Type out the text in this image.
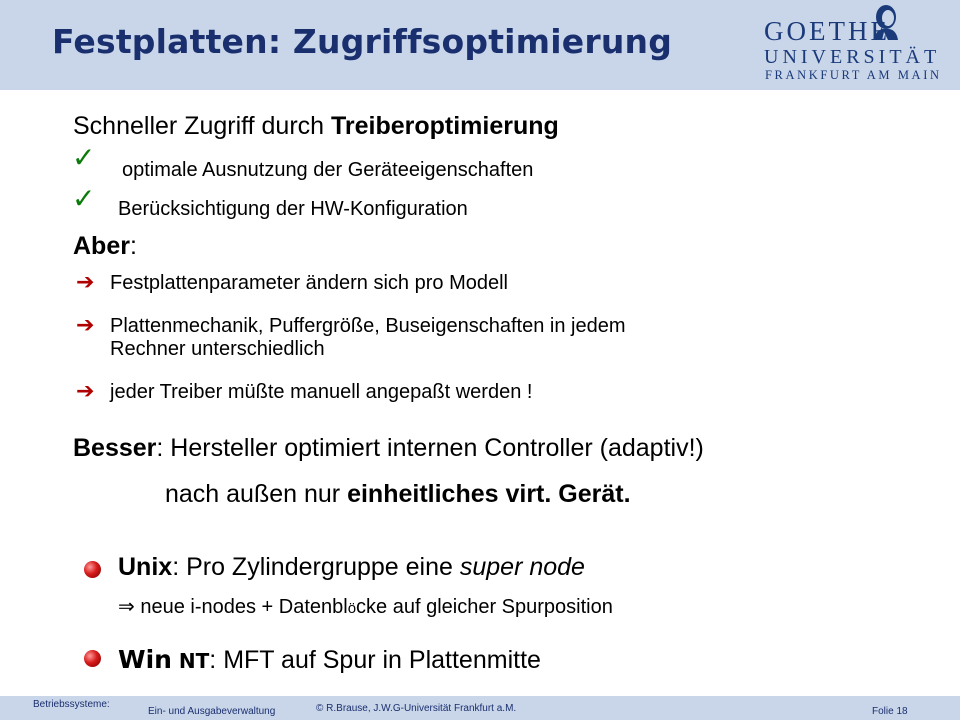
Festplatten: Zugriffsoptimierung	GOETHE
UNIVERSITÄT
FRANKFURT AM MAIN
Schneller Zugriff durch Treiberoptimierung
✓ optimale Ausnutzung der Geräteeigenschaften
✓ Berücksichtigung der HW-Konfiguration
Aber:
➔ Festplattenparameter ändern sich pro Modell
➔ Plattenmechanik, Puffergröße, Buseigenschaften in jedem
Rechner unterschiedlich
➔ jeder Treiber müßte manuell angepaßt werden !
Besser: Hersteller optimiert internen Controller (adaptiv!)
nach außen nur einheitliches virt. Gerät.
Unix: Pro Zylindergruppe eine super node
⇒ neue i-nodes + Datenblöcke auf gleicher Spurposition
Win NT: MFT auf Spur in Plattenmitte
Betriebssysteme:
Ein- und Ausgabeverwaltung	© R.Brause, J.W.G-Universität Frankfurt a.M.	Folie 18
